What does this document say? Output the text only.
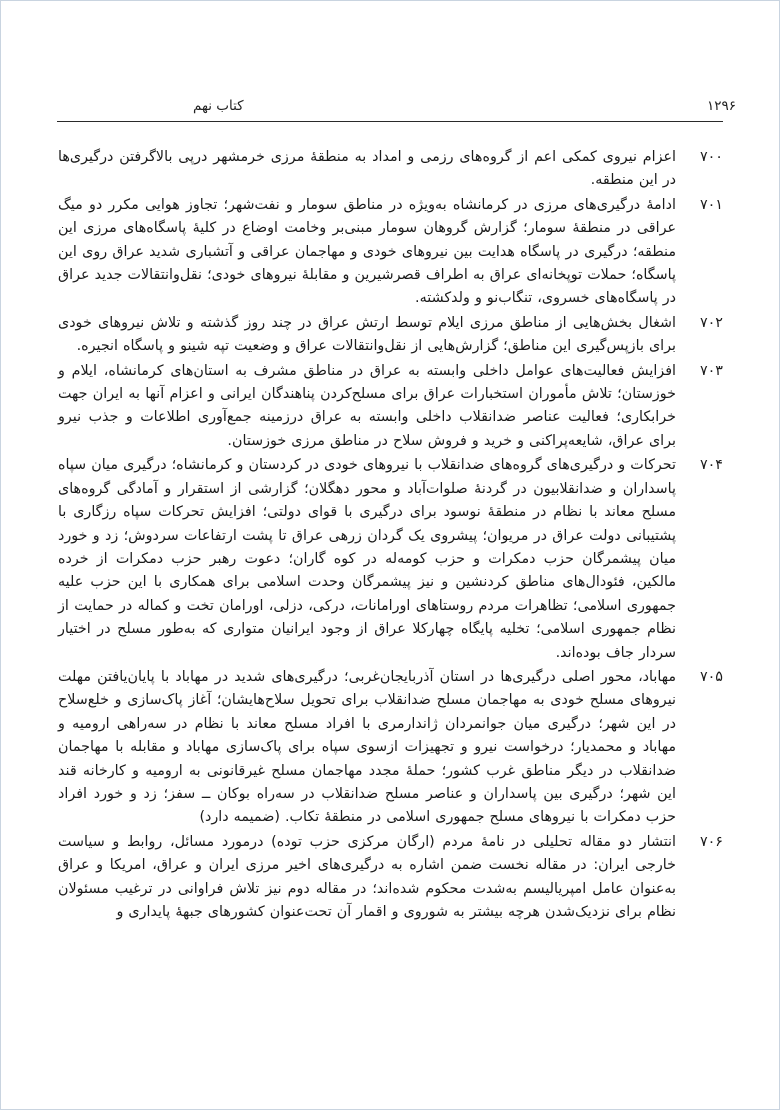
کتاب نهم	۱۲۹۶
۷۰۰
اعزام نیروی کمکی اعم از گروه‌های رزمی و امداد به منطقهٔ مرزی خرمشهر درپی بالاگرفتن درگیری‌ها در این منطقه.
۷۰۱
ادامهٔ درگیری‌های مرزی در کرمانشاه به‌ویژه در مناطق سومار و نفت‌شهر؛ تجاوز هوایی مکرر دو میگ عراقی در منطقهٔ سومار؛ گزارش گروهان سومار مبنی‌بر وخامت اوضاع در کلیهٔ پاسگاه‌های مرزی این منطقه؛ درگیری در پاسگاه هدایت بین نیروهای خودی و مهاجمان عراقی و آتشباری شدید عراق روی این پاسگاه؛ حملات توپخانه‌ای عراق به اطراف قصرشیرین و مقابلهٔ نیروهای خودی؛ نقل‌وانتقالات جدید عراق در پاسگاه‌های خسروی، تنگاب‌نو و ولدکشته.
۷۰۲
اشغال بخش‌هایی از مناطق مرزی ایلام توسط ارتش عراق در چند روز گذشته و تلاش نیروهای خودی برای بازپس‌گیری این مناطق؛ گزارش‌هایی از نقل‌وانتقالات عراق و وضعیت تپه شینو و پاسگاه انجیره.
۷۰۳
افزایش فعالیت‌های عوامل داخلی وابسته به عراق در مناطق مشرف به استان‌های کرمانشاه، ایلام و خوزستان؛ تلاش مأموران استخبارات عراق برای مسلح‌کردن پناهندگان ایرانی و اعزام آنها به ایران جهت خرابکاری؛ فعالیت عناصر ضدانقلاب داخلی وابسته به عراق درزمینه جمع‌آوری اطلاعات و جذب نیرو برای عراق، شایعه‌پراکنی و خرید و فروش سلاح در مناطق مرزی خوزستان.
۷۰۴
تحرکات و درگیری‌های گروه‌های ضدانقلاب با نیروهای خودی در کردستان و کرمانشاه؛ درگیری میان سپاه پاسداران و ضدانقلابیون در گردنهٔ صلوات‌آباد و محور دهگلان؛ گزارشی از استقرار و آمادگی گروه‌های مسلح معاند با نظام در منطقهٔ نوسود برای درگیری با قوای دولتی؛ افزایش تحرکات سپاه رزگاری با پشتیبانی دولت عراق در مریوان؛ پیشروی یک گردان زرهی عراق تا پشت ارتفاعات سردوش؛ زد و خورد میان پیشمرگان حزب دمکرات و حزب کومه‌له در کوه گاران؛ دعوت رهبر حزب دمکرات از خرده مالکین، فئودال‌های مناطق کردنشین و نیز پیشمرگان وحدت اسلامی برای همکاری با این حزب علیه جمهوری اسلامی؛ تظاهرات مردم روستاهای اورامانات، درکی، دزلی، اورامان تخت و کماله در حمایت از نظام جمهوری اسلامی؛ تخلیه پایگاه چهارکلا عراق از وجود ایرانیان متواری که به‌طور مسلح در اختیار سردار جاف بوده‌اند.
۷۰۵
مهاباد، محور اصلی درگیری‌ها در استان آذربایجان‌غربی؛ درگیری‌های شدید در مهاباد با پایان‌یافتن مهلت نیروهای مسلح خودی به مهاجمان مسلح ضدانقلاب برای تحویل سلاح‌هایشان؛ آغاز پاک‌سازی و خلع‌سلاح در این شهر؛ درگیری میان جوانمردان ژاندارمری با افراد مسلح معاند با نظام در سه‌راهی ارومیه و مهاباد و محمدیار؛ درخواست نیرو و تجهیزات ازسوی سپاه برای پاک‌سازی مهاباد و مقابله با مهاجمان ضدانقلاب در دیگر مناطق غرب کشور؛ حملهٔ مجدد مهاجمان مسلح غیرقانونی به ارومیه و کارخانه قند این شهر؛ درگیری بین پاسداران و عناصر مسلح ضدانقلاب در سه‌راه بوکان ــ سفز؛ زد و خورد افراد حزب دمکرات با نیروهای مسلح جمهوری اسلامی در منطقهٔ تکاب. (ضمیمه دارد)
۷۰۶
انتشار دو مقاله تحلیلی در نامهٔ مردم (ارگان مرکزی حزب توده) درمورد مسائل، روابط و سیاست خارجی ایران: در مقاله نخست ضمن اشاره به درگیری‌های اخیر مرزی ایران و عراق، امریکا و عراق به‌عنوان عامل امپریالیسم به‌شدت محکوم شده‌اند؛ در مقاله دوم نیز تلاش فراوانی در ترغیب مسئولان نظام برای نزدیک‌شدن هرچه بیشتر به شوروی و اقمار آن تحت‌عنوان کشورهای جبههٔ پایداری و
